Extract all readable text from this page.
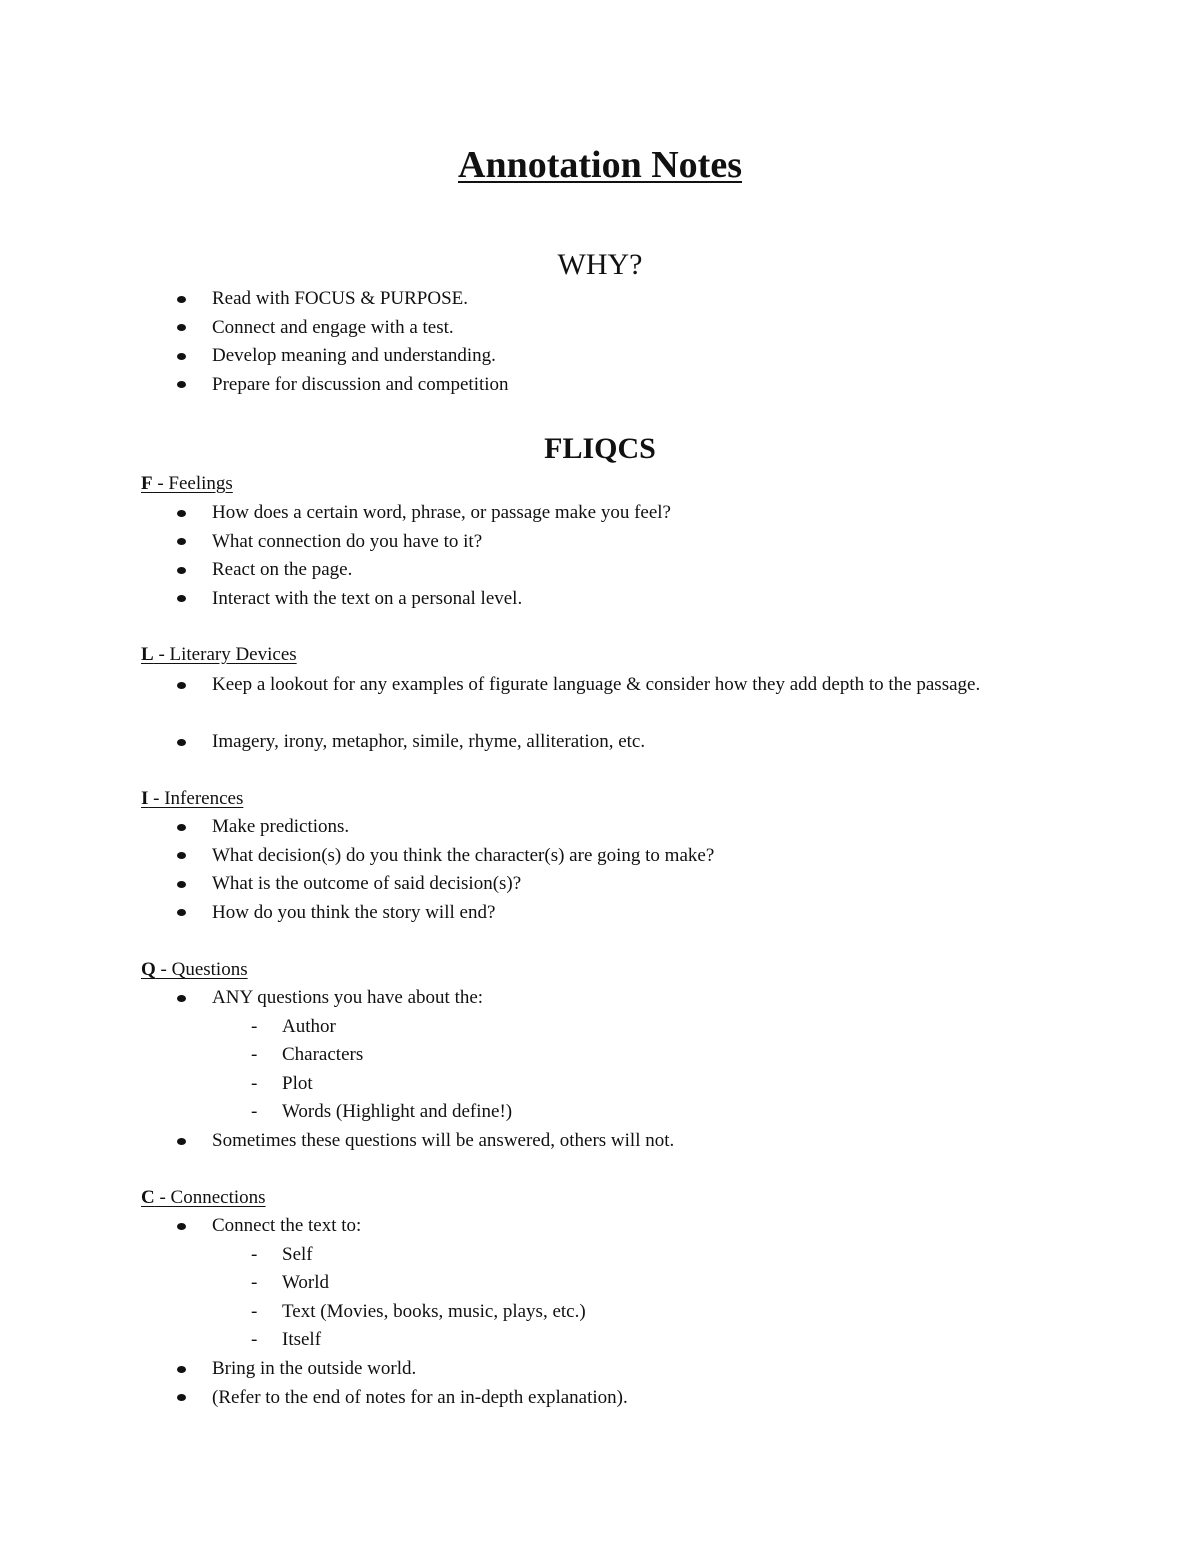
Annotation Notes
WHY?
Read with FOCUS & PURPOSE.
Connect and engage with a test.
Develop meaning and understanding.
Prepare for discussion and competition
FLIQCS
F - Feelings
How does a certain word, phrase, or passage make you feel?
What connection do you have to it?
React on the page.
Interact with the text on a personal level.
L - Literary Devices
Keep a lookout for any examples of figurate language & consider how they add depth to the passage.
Imagery, irony, metaphor, simile, rhyme, alliteration, etc.
I - Inferences
Make predictions.
What decision(s) do you think the character(s) are going to make?
What is the outcome of said decision(s)?
How do you think the story will end?
Q - Questions
ANY questions you have about the:
- Author
- Characters
- Plot
- Words (Highlight and define!)
Sometimes these questions will be answered, others will not.
C - Connections
Connect the text to:
- Self
- World
- Text (Movies, books, music, plays, etc.)
- Itself
Bring in the outside world.
(Refer to the end of notes for an in-depth explanation).
